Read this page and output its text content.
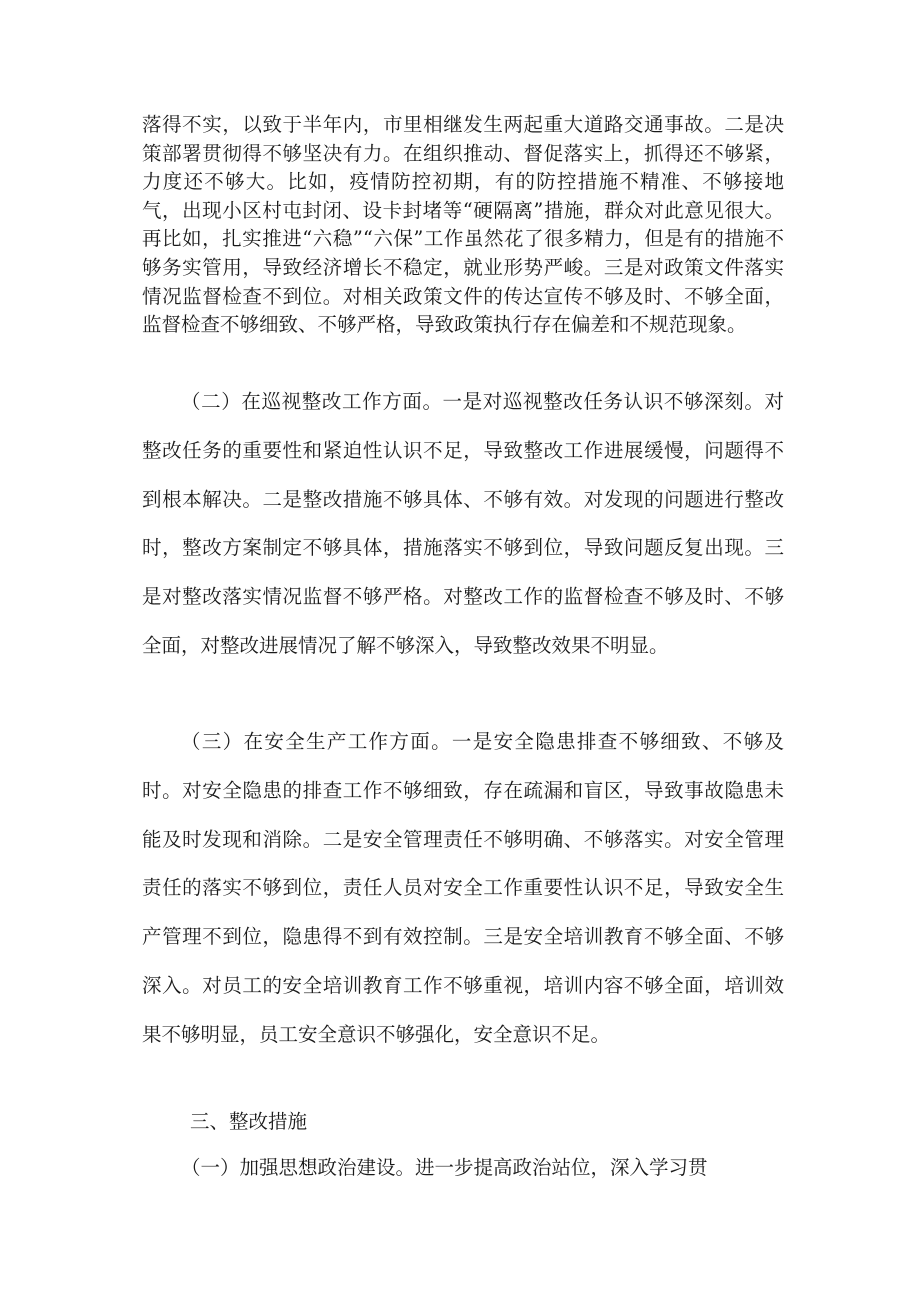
落得不实，以致于半年内，市里相继发生两起重大道路交通事故。二是决策部署贯彻得不够坚决有力。在组织推动、督促落实上，抓得还不够紧，力度还不够大。比如，疫情防控初期，有的防控措施不精准、不够接地气，出现小区村屯封闭、设卡封堵等“硬隔离”措施，群众对此意见很大。再比如，扎实推进“六稳”“六保”工作虽然花了很多精力，但是有的措施不够务实管用，导致经济增长不稳定，就业形势严峻。三是对政策文件落实情况监督检查不到位。对相关政策文件的传达宣传不够及时、不够全面，监督检查不够细致、不够严格，导致政策执行存在偏差和不规范现象。

（二）在巡视整改工作方面。一是对巡视整改任务认识不够深刻。对整改任务的重要性和紧迫性认识不足，导致整改工作进展缓慢，问题得不到根本解决。二是整改措施不够具体、不够有效。对发现的问题进行整改时，整改方案制定不够具体，措施落实不够到位，导致问题反复出现。三是对整改落实情况监督不够严格。对整改工作的监督检查不够及时、不够全面，对整改进展情况了解不够深入，导致整改效果不明显。

（三）在安全生产工作方面。一是安全隐患排查不够细致、不够及时。对安全隐患的排查工作不够细致，存在疏漏和盲区，导致事故隐患未能及时发现和消除。二是安全管理责任不够明确、不够落实。对安全管理责任的落实不够到位，责任人员对安全工作重要性认识不足，导致安全生产管理不到位，隐患得不到有效控制。三是安全培训教育不够全面、不够深入。对员工的安全培训教育工作不够重视，培训内容不够全面，培训效果不够明显，员工安全意识不够强化，安全意识不足。

三、整改措施

（一）加强思想政治建设。进一步提高政治站位，深入学习贯
